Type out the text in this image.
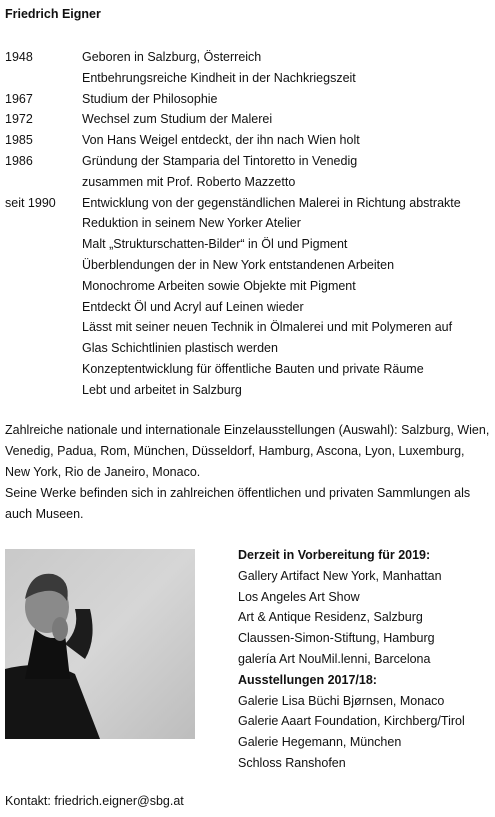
Friedrich Eigner
1948	Geboren in Salzburg, Österreich
Entbehrungsreiche Kindheit in der Nachkriegszeit
1967	Studium der Philosophie
1972	Wechsel zum Studium der Malerei
1985	Von Hans Weigel entdeckt, der ihn nach Wien holt
1986	Gründung der Stamparia del Tintoretto in Venedig
zusammen mit Prof. Roberto Mazzetto
seit 1990 Entwicklung von der gegenständlichen Malerei in Richtung abstrakte
Reduktion in seinem New Yorker Atelier
Malt „Strukturschatten-Bilder“ in Öl und Pigment
Überblendungen der in New York entstandenen Arbeiten
Monochrome Arbeiten sowie Objekte mit Pigment
Entdeckt Öl und Acryl auf Leinen wieder
Lässt mit seiner neuen Technik in Ölmalerei und mit Polymeren auf
Glas Schichtlinien plastisch werden
Konzeptentwicklung für öffentliche Bauten und private Räume
Lebt und arbeitet in Salzburg
Zahlreiche nationale und internationale Einzelausstellungen (Auswahl): Salzburg, Wien, Venedig, Padua, Rom, München, Düsseldorf, Hamburg, Ascona, Lyon, Luxemburg, New York, Rio de Janeiro, Monaco.
Seine Werke befinden sich in zahlreichen öffentlichen und privaten Sammlungen als auch Museen.
Derzeit in Vorbereitung für 2019:
Gallery Artifact New York, Manhattan
Los Angeles Art Show
Art & Antique Residenz, Salzburg
Claussen-Simon-Stiftung, Hamburg
galería Art NouMil.lenni, Barcelona
Ausstellungen 2017/18:
Galerie Lisa Büchi Bjørnsen, Monaco
Galerie Aaart Foundation, Kirchberg/Tirol
Galerie Hegemann, München
Schloss Ranshofen
Kontakt: friedrich.eigner@sbg.at
